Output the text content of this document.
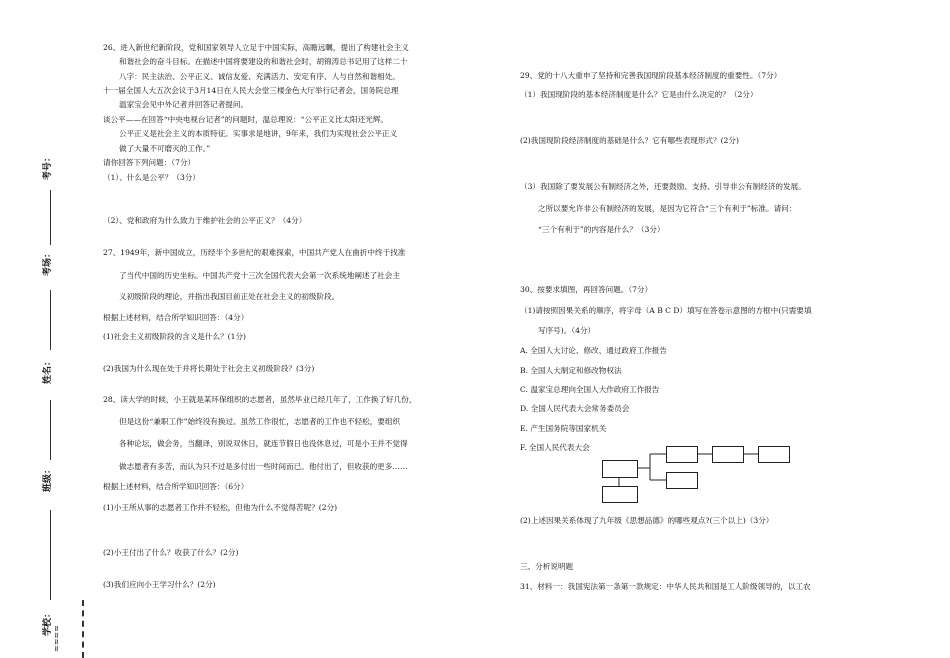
考号：
考场：
姓名：
班级：
学校：
≈≈≈≈
26、进入新世纪新阶段，党和国家领导人立足于中国实际，高瞻远瞩，提出了构建社会主义
和谐社会的奋斗目标。在描述中国将要建设的和谐社会时，胡锦涛总书记用了这样二十
八字：民主法治、公平正义、诚信友爱、充满活力、安定有序、人与自然和谐相处。
十一届全国人大五次会议于3月14日在人民大会堂三楼金色大厅举行记者会，国务院总理
温家宝会见中外记者并回答记者提问。
谈公平——在回答“中央电视台记者”的问题时，温总理说：“公平正义比太阳还光辉。
公平正义是社会主义的本质特征。实事求是地讲，9年来，我们为实现社会公平正义
做了大量不可磨灭的工作。”
请你回答下列问题：（7分）
（1）、什么是公平？（3分）
（2）、党和政府为什么致力于维护社会的公平正义？（4分）
27、1949年，新中国成立，历经半个多世纪的艰难探索，中国共产党人在曲折中终于找准
了当代中国的历史坐标。中国共产党十三次全国代表大会第一次系统地阐述了社会主
义初级阶段的理论，并指出我国目前正处在社会主义的初级阶段。
根据上述材料，结合所学知识回答：（4分）
(1)社会主义初级阶段的含义是什么？(1分)
(2)我国为什么现在处于并将长期处于社会主义初级阶段？(3分)
28、读大学的时候，小王就是某环保组织的志愿者，虽然毕业已经几年了，工作换了好几份，
但是这份“兼职工作”始终没有换过。虽然工作很忙，志愿者的工作也不轻松，要组织
各种论坛，做会务，当翻译，别说双休日，就连节假日也没休息过，可是小王并不觉得
做志愿者有多苦，而认为只不过是多付出一些时间而已。他付出了，但收获的更多……
根据上述材料，结合所学知识回答：（6分）
(1)小王所从事的志愿者工作并不轻松，但他为什么不觉得苦呢？(2分)
(2)小王付出了什么？收获了什么？(2分)
(3)我们应向小王学习什么？(2分)
29、党的十八大重申了坚持和完善我国现阶段基本经济制度的重要性。（7分）
（1）我国现阶段的基本经济制度是什么？它是由什么决定的？（2分）
(2)我国现阶段经济制度的基础是什么？它有哪些表现形式？(2分)
（3）我国除了要发展公有制经济之外，还要鼓励、支持、引导非公有制经济的发展。
之所以要允许非公有制经济的发展，是因为它符合“三个有利于”标准。请问：
“三个有利于”的内容是什么？（3分）
30、按要求填图，再回答问题。（7分）
（1)请按照因果关系的顺序，将字母（A B C D）填写在答卷示意图的方框中(只需要填
写序号)。（4分）
A. 全国人大讨论、修改、通过政府工作报告
B. 全国人大制定和修改物权法
C. 温家宝总理向全国人大作政府工作报告
D. 全国人民代表大会常务委员会
E. 产生国务院等国家机关
F. 全国人民代表大会
(2)上述因果关系体现了九年级《思想品德》的哪些观点?(三个以上)（3分）
三、分析说明题
31、材料一：我国宪法第一条第一款规定：中华人民共和国是工人阶级领导的，以工农
